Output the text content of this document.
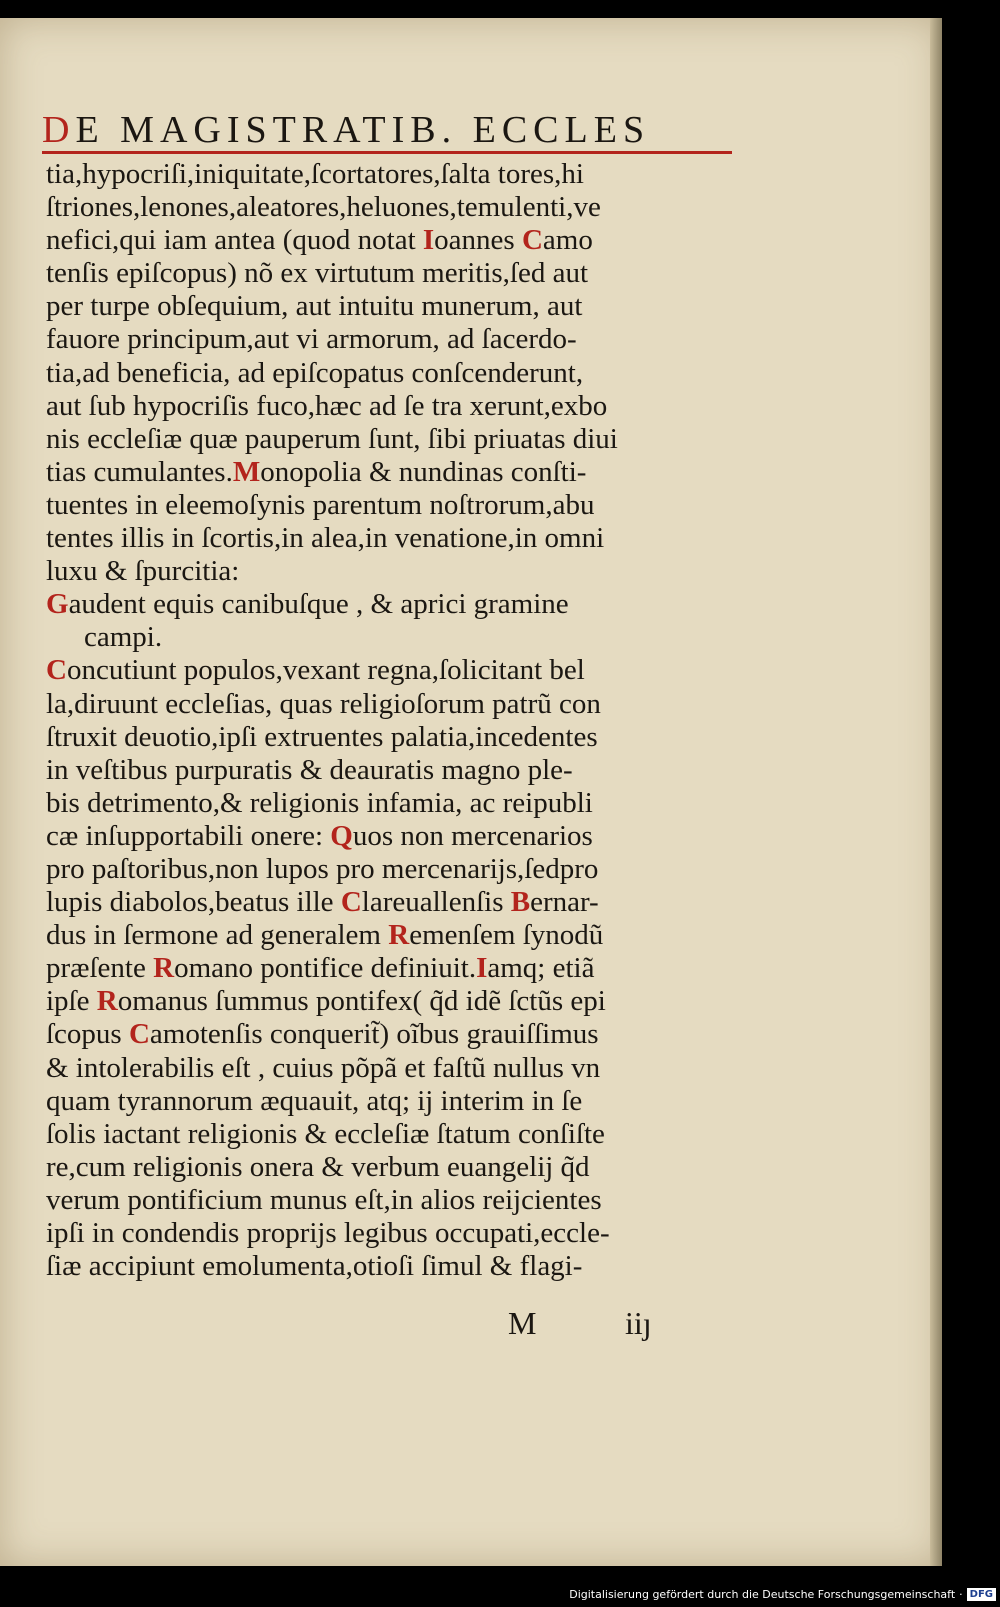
DE MAGISTRATIB. ECCLES
tia,hypocriſi,iniquitate,ſcortatores,ſalta tores,hi
ſtriones,lenones,aleatores,heluones,temulenti,ve
nefici,qui iam antea (quod notat Ioannes Camo
tenſis epiſcopus) nõ ex virtutum meritis,ſed aut
per turpe obſequium, aut intuitu munerum, aut
fauore principum,aut vi armorum, ad ſacerdo-
tia,ad beneficia, ad epiſcopatus conſcenderunt,
aut ſub hypocriſis fuco,hæc ad ſe tra xerunt,exbo
nis eccleſiæ quæ pauperum ſunt, ſibi priuatas diui
tias cumulantes.Monopolia & nundinas conſti-
tuentes in eleemoſynis parentum noſtrorum,abu
tentes illis in ſcortis,in alea,in venatione,in omni
luxu & ſpurcitia:
Gaudent equis canibuſque , & aprici gramine
campi.
Concutiunt populos,vexant regna,ſolicitant bel
la,diruunt eccleſias, quas religioſorum patrũ con
ſtruxit deuotio,ipſi extruentes palatia,incedentes
in veſtibus purpuratis & deauratis magno ple-
bis detrimento,& religionis infamia, ac reipubli
cæ inſupportabili onere: Quos non mercenarios
pro paſtoribus,non lupos pro mercenarĳs,ſedpro
lupis diabolos,beatus ille Clareuallenſis Bernar-
dus in ſermone ad generalem Remenſem ſynodũ
præſente Romano pontifice definiuit.Iamq; etiã
ipſe Romanus ſummus pontifex( q̃d idẽ ſctũs epi
ſcopus Camotenſis conquerit̃) oĩbus grauiſſimus
& intolerabilis eſt , cuius põpã et faſtũ nullus vn
quam tyrannorum æquauit, atq; ĳ interim in ſe
ſolis iactant religionis & eccleſiæ ſtatum conſiſte
re,cum religionis onera & verbum euangelĳ q̃d
verum pontificium munus eſt,in alios reĳcientes
ipſi in condendis proprĳs legibus occupati,eccle-
ſiæ accipiunt emolumenta,otioſi ſimul & flagi-
M	iiȷ
Digitalisierung gefördert durch die Deutsche Forschungsgemeinschaft · DFG
